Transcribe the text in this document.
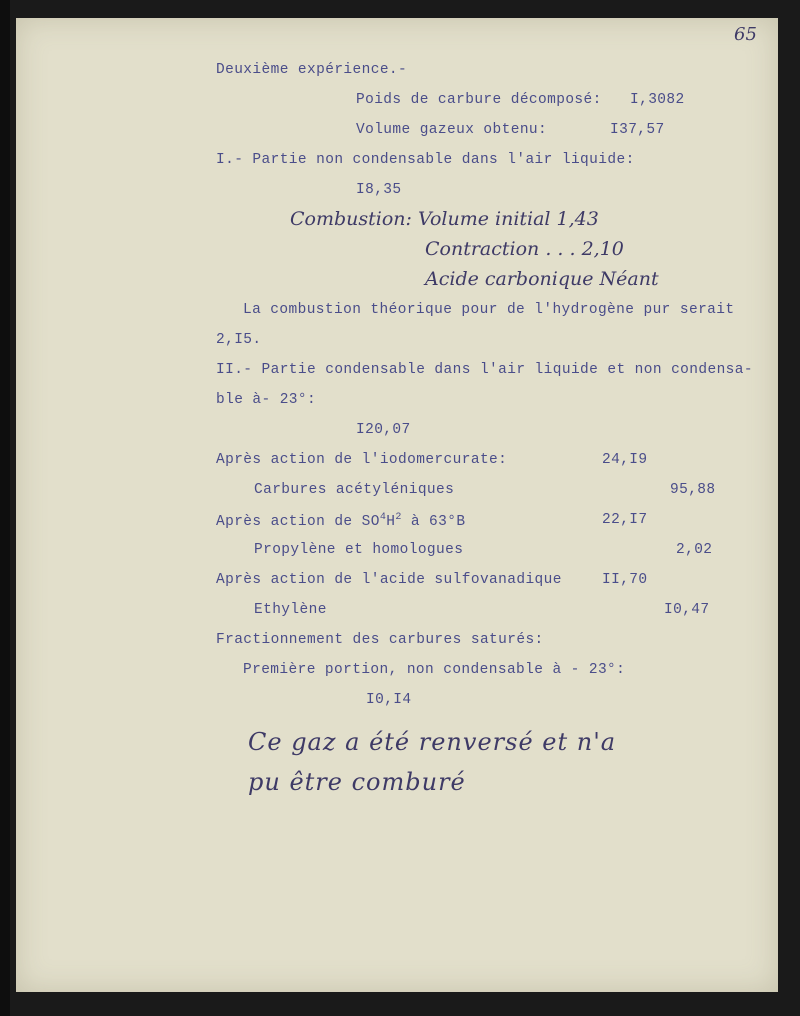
65
Deuxième expérience.-
Poids de carbure décomposé: I,3082
Volume gazeux obtenu:	I37,57
I.- Partie non condensable dans l'air liquide:
I8,35
Combustion: Volume initial 1,43
Contraction . . . 2,10
Acide carbonique Néant
La combustion théorique pour de l'hydrogène pur serait
2,I5.
II.- Partie condensable dans l'air liquide et non condensa-
ble à- 23°:
I20,07
Après action de l'iodomercurate:	24,I9
Carbures acétyléniques	95,88
Après action de $SO^4H^2$ à 63°B	22,I7
Propylène et homologues	2,02
Après action de l'acide sulfovanadique	II,70
Ethylène	I0,47
Fractionnement des carbures saturés:
Première portion, non condensable à - 23°:
I0,I4
Ce gaz a été renversé et n'a
pu être comburé
